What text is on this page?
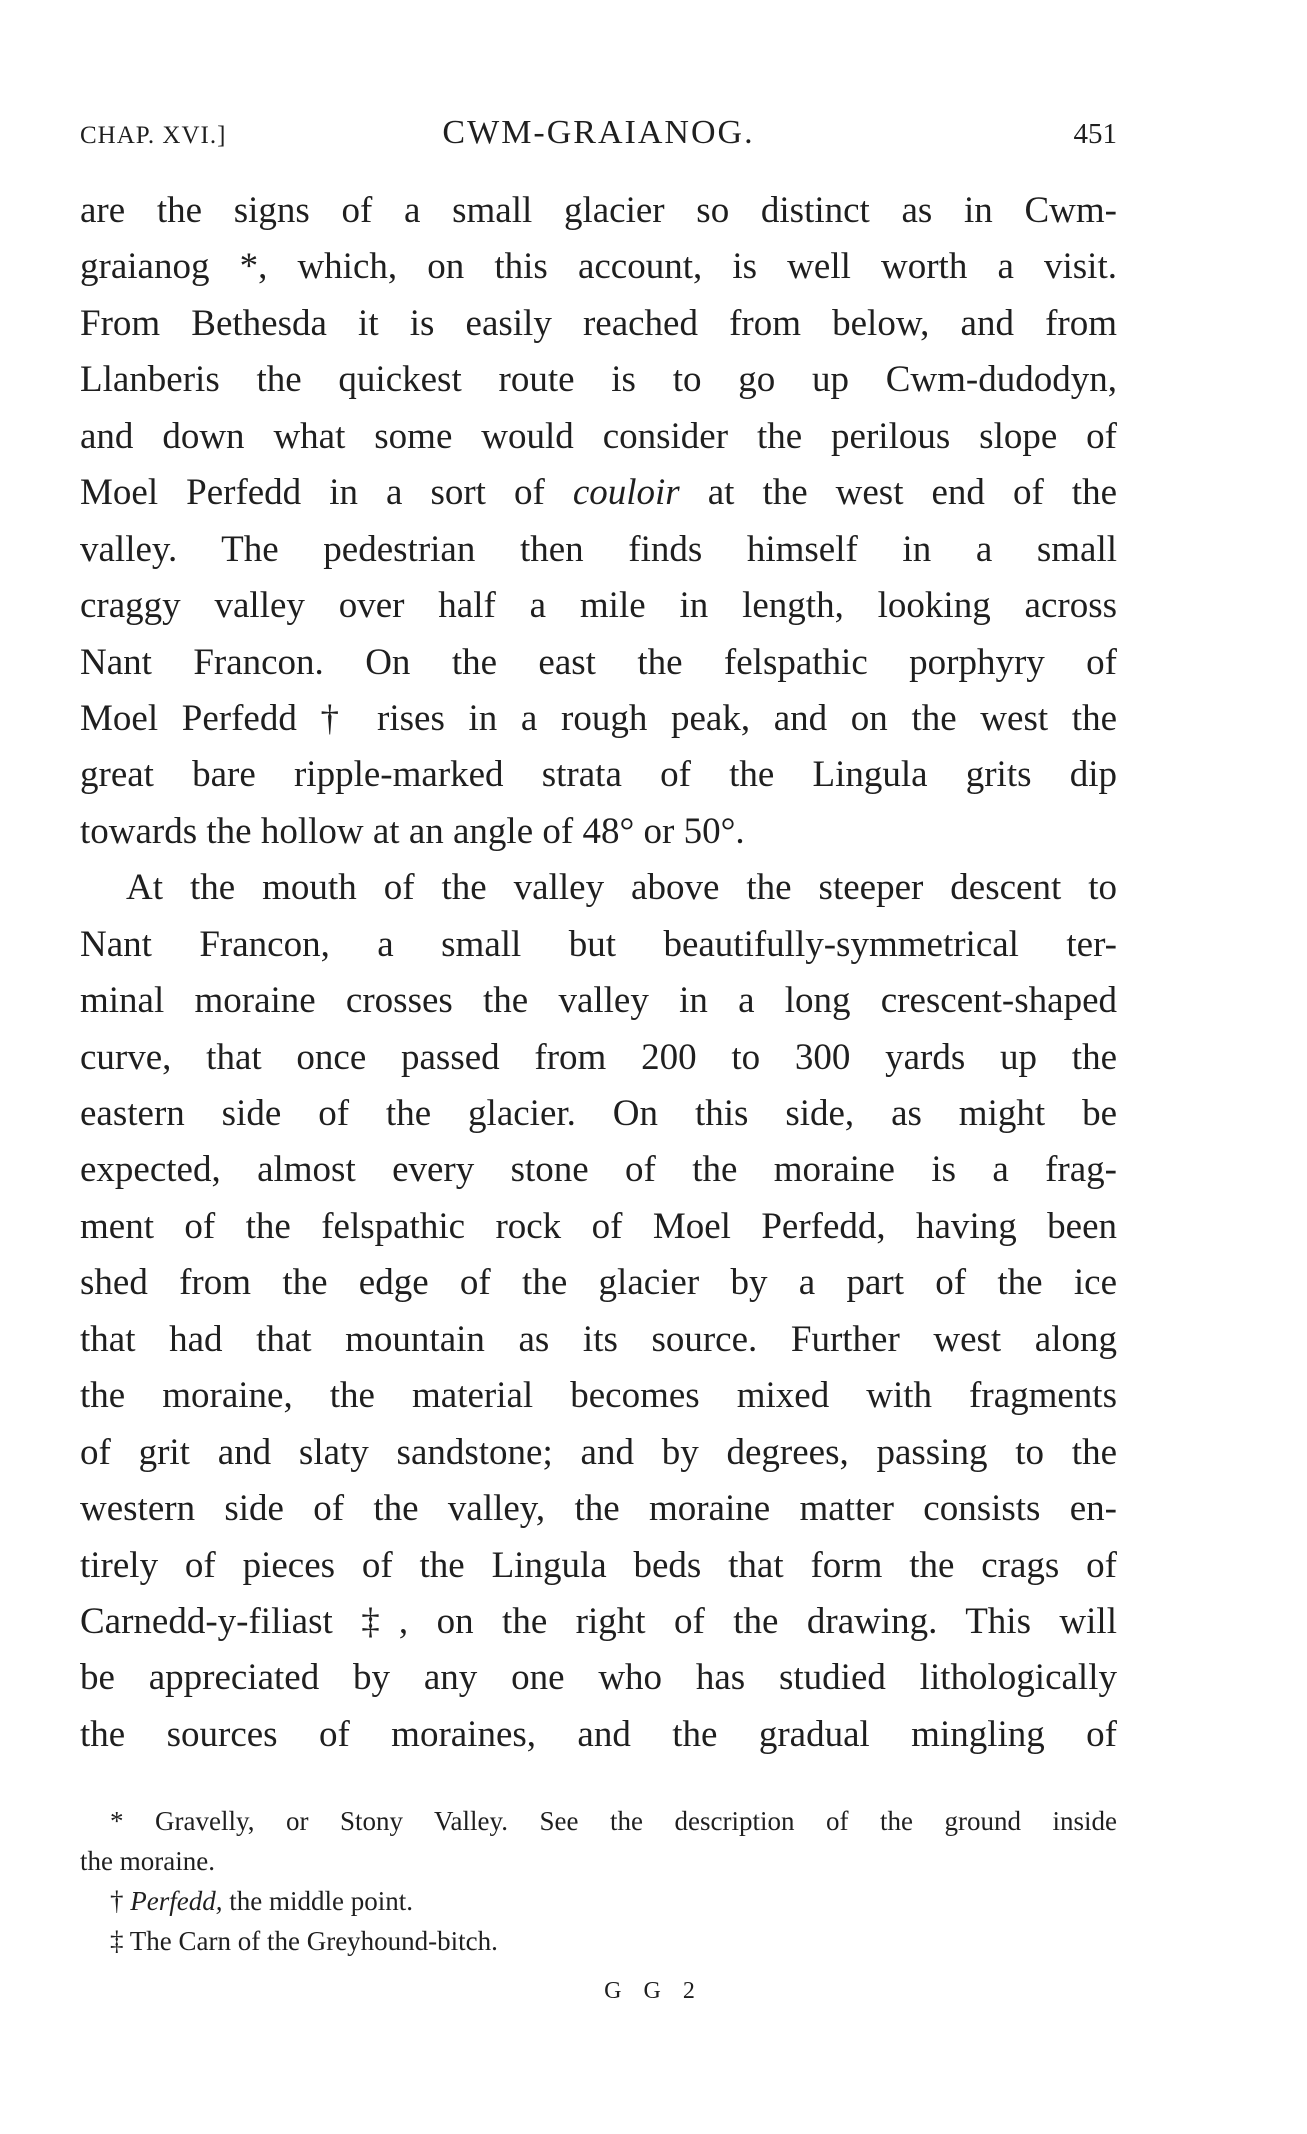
CHAP. XVI.]	CWM-GRAIANOG.	451
are the signs of a small glacier so distinct as in Cwm-
graianog *, which, on this account, is well worth a visit.
From Bethesda it is easily reached from below, and from
Llanberis the quickest route is to go up Cwm-dudodyn,
and down what some would consider the perilous slope of
Moel Perfedd in a sort of couloir at the west end of the
valley. The pedestrian then finds himself in a small
craggy valley over half a mile in length, looking across
Nant Francon. On the east the felspathic porphyry of
Moel Perfedd † rises in a rough peak, and on the west the
great bare ripple-marked strata of the Lingula grits dip
towards the hollow at an angle of 48° or 50°.
At the mouth of the valley above the steeper descent to
Nant Francon, a small but beautifully-symmetrical ter-
minal moraine crosses the valley in a long crescent-shaped
curve, that once passed from 200 to 300 yards up the
eastern side of the glacier. On this side, as might be
expected, almost every stone of the moraine is a frag-
ment of the felspathic rock of Moel Perfedd, having been
shed from the edge of the glacier by a part of the ice
that had that mountain as its source. Further west along
the moraine, the material becomes mixed with fragments
of grit and slaty sandstone; and by degrees, passing to the
western side of the valley, the moraine matter consists en-
tirely of pieces of the Lingula beds that form the crags of
Carnedd-y-filiast ‡, on the right of the drawing. This will
be appreciated by any one who has studied lithologically
the sources of moraines, and the gradual mingling of
* Gravelly, or Stony Valley. See the description of the ground inside
the moraine.
† Perfedd, the middle point.
‡ The Carn of the Greyhound-bitch.
G G 2
